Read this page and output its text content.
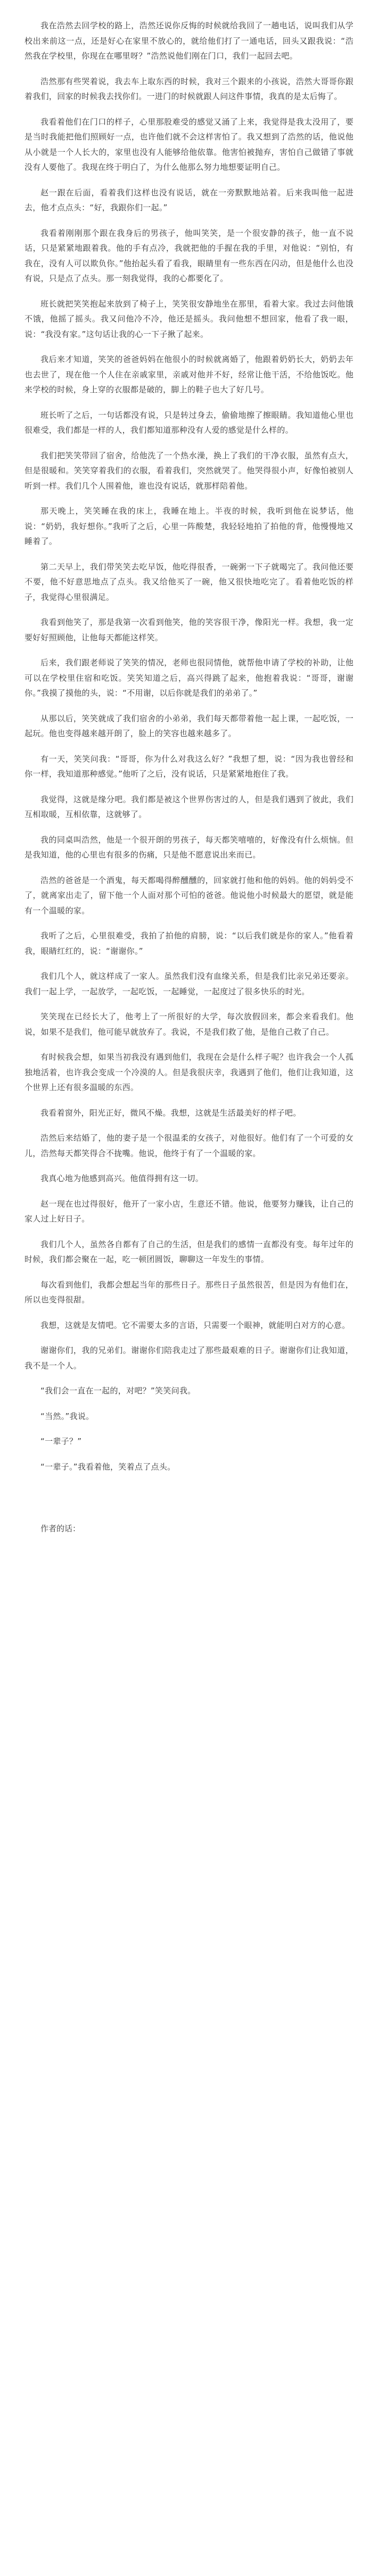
我在浩然去回学校的路上，浩然还说你反悔的时候就给我回了一趟电话，说叫我们从学校出来前这一点，还是好心在家里不放心的，就给他们打了一通电话，回头又跟我说：“浩然我在学校里，你现在在哪里呀？”浩然说他们刚在门口，我们一起回去吧。

浩然那有些哭着说，我去车上取东西的时候，我对三个跟来的小孩说，浩然大哥哥你跟着我们，回家的时候我去找你们。一进门的时候就跟人问这件事情，我真的是太后悔了。

我看着他们在门口的样子，心里那股难受的感觉又涌了上来，我觉得是我太没用了，要是当时我能把他们照顾好一点，也许他们就不会这样害怕了。我又想到了浩然的话，他说他从小就是一个人长大的，家里也没有人能够给他依靠。他害怕被抛弃，害怕自己做错了事就没有人要他了。我现在终于明白了，为什么他那么努力地想要证明自己。

赵一跟在后面，看着我们这样也没有说话，就在一旁默默地站着。后来我叫他一起进去，他才点点头：“好，我跟你们一起。”

我看着刚刚那个跟在我身后的男孩子，他叫笑笑，是一个很安静的孩子，他一直不说话，只是紧紧地跟着我。他的手有点冷，我就把他的手握在我的手里，对他说：“别怕，有我在，没有人可以欺负你。”他抬起头看了看我，眼睛里有一些东西在闪动，但是他什么也没有说，只是点了点头。那一刻我觉得，我的心都要化了。

班长就把笑笑抱起来放到了椅子上，笑笑很安静地坐在那里，看着大家。我过去问他饿不饿，他摇了摇头。我又问他冷不冷，他还是摇头。我问他想不想回家，他看了我一眼，说：“我没有家。”这句话让我的心一下子揪了起来。

我后来才知道，笑笑的爸爸妈妈在他很小的时候就离婚了，他跟着奶奶长大，奶奶去年也去世了，现在他一个人住在亲戚家里，亲戚对他并不好，经常让他干活，不给他饭吃。他来学校的时候，身上穿的衣服都是破的，脚上的鞋子也大了好几号。

班长听了之后，一句话都没有说，只是转过身去，偷偷地擦了擦眼睛。我知道他心里也很难受，我们都是一样的人，我们都知道那种没有人爱的感觉是什么样的。

我们把笑笑带回了宿舍，给他洗了一个热水澡，换上了我们的干净衣服，虽然有点大，但是很暖和。笑笑穿着我们的衣服，看着我们，突然就哭了。他哭得很小声，好像怕被别人听到一样。我们几个人围着他，谁也没有说话，就那样陪着他。

那天晚上，笑笑睡在我的床上，我睡在地上。半夜的时候，我听到他在说梦话，他说：“奶奶，我好想你。”我听了之后，心里一阵酸楚，我轻轻地拍了拍他的背，他慢慢地又睡着了。

第二天早上，我们带笑笑去吃早饭，他吃得很香，一碗粥一下子就喝完了。我问他还要不要，他不好意思地点了点头。我又给他买了一碗，他又很快地吃完了。看着他吃饭的样子，我觉得心里很满足。

我看到他笑了，那是我第一次看到他笑，他的笑容很干净，像阳光一样。我想，我一定要好好照顾他，让他每天都能这样笑。

后来，我们跟老师说了笑笑的情况，老师也很同情他，就帮他申请了学校的补助，让他可以在学校里住宿和吃饭。笑笑知道之后，高兴得跳了起来，他抱着我说：“哥哥，谢谢你。”我摸了摸他的头，说：“不用谢，以后你就是我们的弟弟了。”

从那以后，笑笑就成了我们宿舍的小弟弟，我们每天都带着他一起上课，一起吃饭，一起玩。他也变得越来越开朗了，脸上的笑容也越来越多了。

有一天，笑笑问我：“哥哥，你为什么对我这么好？”我想了想，说：“因为我也曾经和你一样，我知道那种感觉。”他听了之后，没有说话，只是紧紧地抱住了我。

我觉得，这就是缘分吧。我们都是被这个世界伤害过的人，但是我们遇到了彼此，我们互相取暖，互相依靠，这就够了。

我的同桌叫浩然，他是一个很开朗的男孩子，每天都笑嘻嘻的，好像没有什么烦恼。但是我知道，他的心里也有很多的伤痛，只是他不愿意说出来而已。

浩然的爸爸是一个酒鬼，每天都喝得醉醺醺的，回家就打他和他的妈妈。他的妈妈受不了，就离家出走了，留下他一个人面对那个可怕的爸爸。他说他小时候最大的愿望，就是能有一个温暖的家。

我听了之后，心里很难受，我拍了拍他的肩膀，说：“以后我们就是你的家人。”他看着我，眼睛红红的，说：“谢谢你。”

我们几个人，就这样成了一家人。虽然我们没有血缘关系，但是我们比亲兄弟还要亲。我们一起上学，一起放学，一起吃饭，一起睡觉，一起度过了很多快乐的时光。

笑笑现在已经长大了，他考上了一所很好的大学，每次放假回来，都会来看我们。他说，如果不是我们，他可能早就放弃了。我说，不是我们救了他，是他自己救了自己。

有时候我会想，如果当初我没有遇到他们，我现在会是什么样子呢？也许我会一个人孤独地活着，也许我会变成一个冷漠的人。但是我很庆幸，我遇到了他们，他们让我知道，这个世界上还有很多温暖的东西。

我看着窗外，阳光正好，微风不燥。我想，这就是生活最美好的样子吧。

浩然后来结婚了，他的妻子是一个很温柔的女孩子，对他很好。他们有了一个可爱的女儿，浩然每天都笑得合不拢嘴。他说，他终于有了一个温暖的家。

我真心地为他感到高兴。他值得拥有这一切。

赵一现在也过得很好，他开了一家小店，生意还不错。他说，他要努力赚钱，让自己的家人过上好日子。

我们几个人，虽然各自都有了自己的生活，但是我们的感情一直都没有变。每年过年的时候，我们都会聚在一起，吃一顿团圆饭，聊聊这一年发生的事情。

每次看到他们，我都会想起当年的那些日子。那些日子虽然很苦，但是因为有他们在，所以也变得很甜。

我想，这就是友情吧。它不需要太多的言语，只需要一个眼神，就能明白对方的心意。

谢谢你们，我的兄弟们。谢谢你们陪我走过了那些最艰难的日子。谢谢你们让我知道，我不是一个人。

“我们会一直在一起的，对吧？”笑笑问我。

“当然。”我说。

“一辈子？”

“一辈子。”我看着他，笑着点了点头。

作者的话：
